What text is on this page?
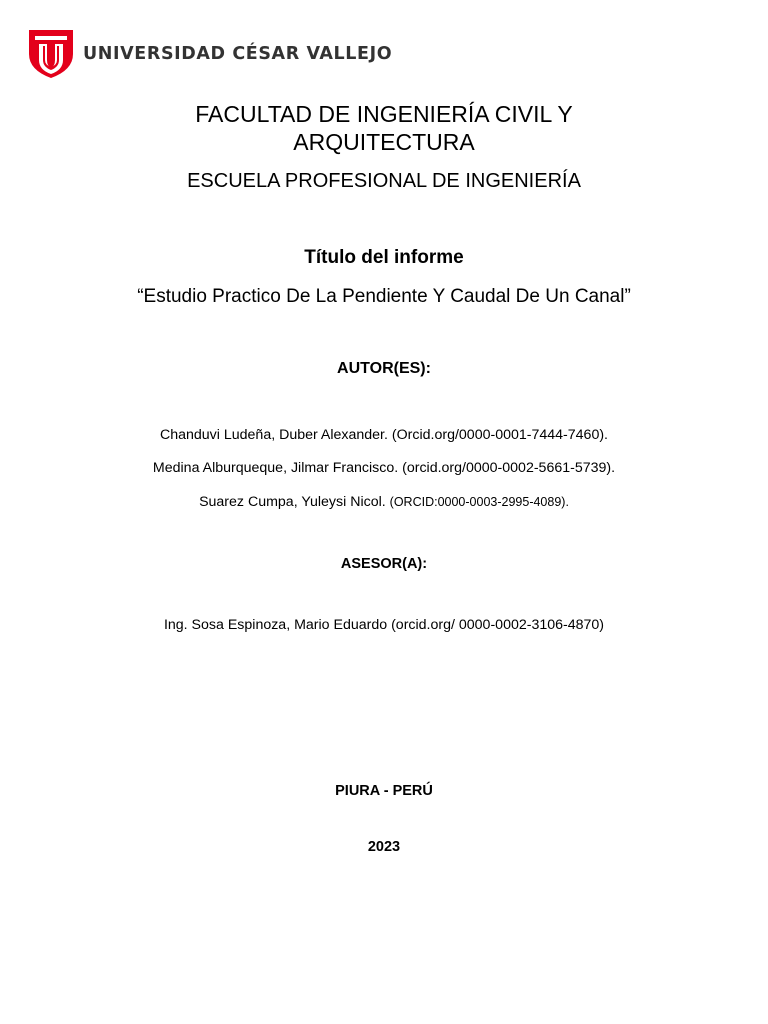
UNIVERSIDAD CÉSAR VALLEJO
FACULTAD DE INGENIERÍA CIVIL Y ARQUITECTURA
ESCUELA PROFESIONAL DE INGENIERÍA
Título del informe
“Estudio Practico De La Pendiente Y Caudal De Un Canal”
AUTOR(ES):
Chanduvi Ludeña, Duber Alexander. (Orcid.org/0000-0001-7444-7460).
Medina Alburqueque, Jilmar Francisco. (orcid.org/0000-0002-5661-5739).
Suarez Cumpa, Yuleysi Nicol. (ORCID:0000-0003-2995-4089).
ASESOR(A):
Ing. Sosa Espinoza, Mario Eduardo (orcid.org/ 0000-0002-3106-4870)
PIURA - PERÚ
2023
